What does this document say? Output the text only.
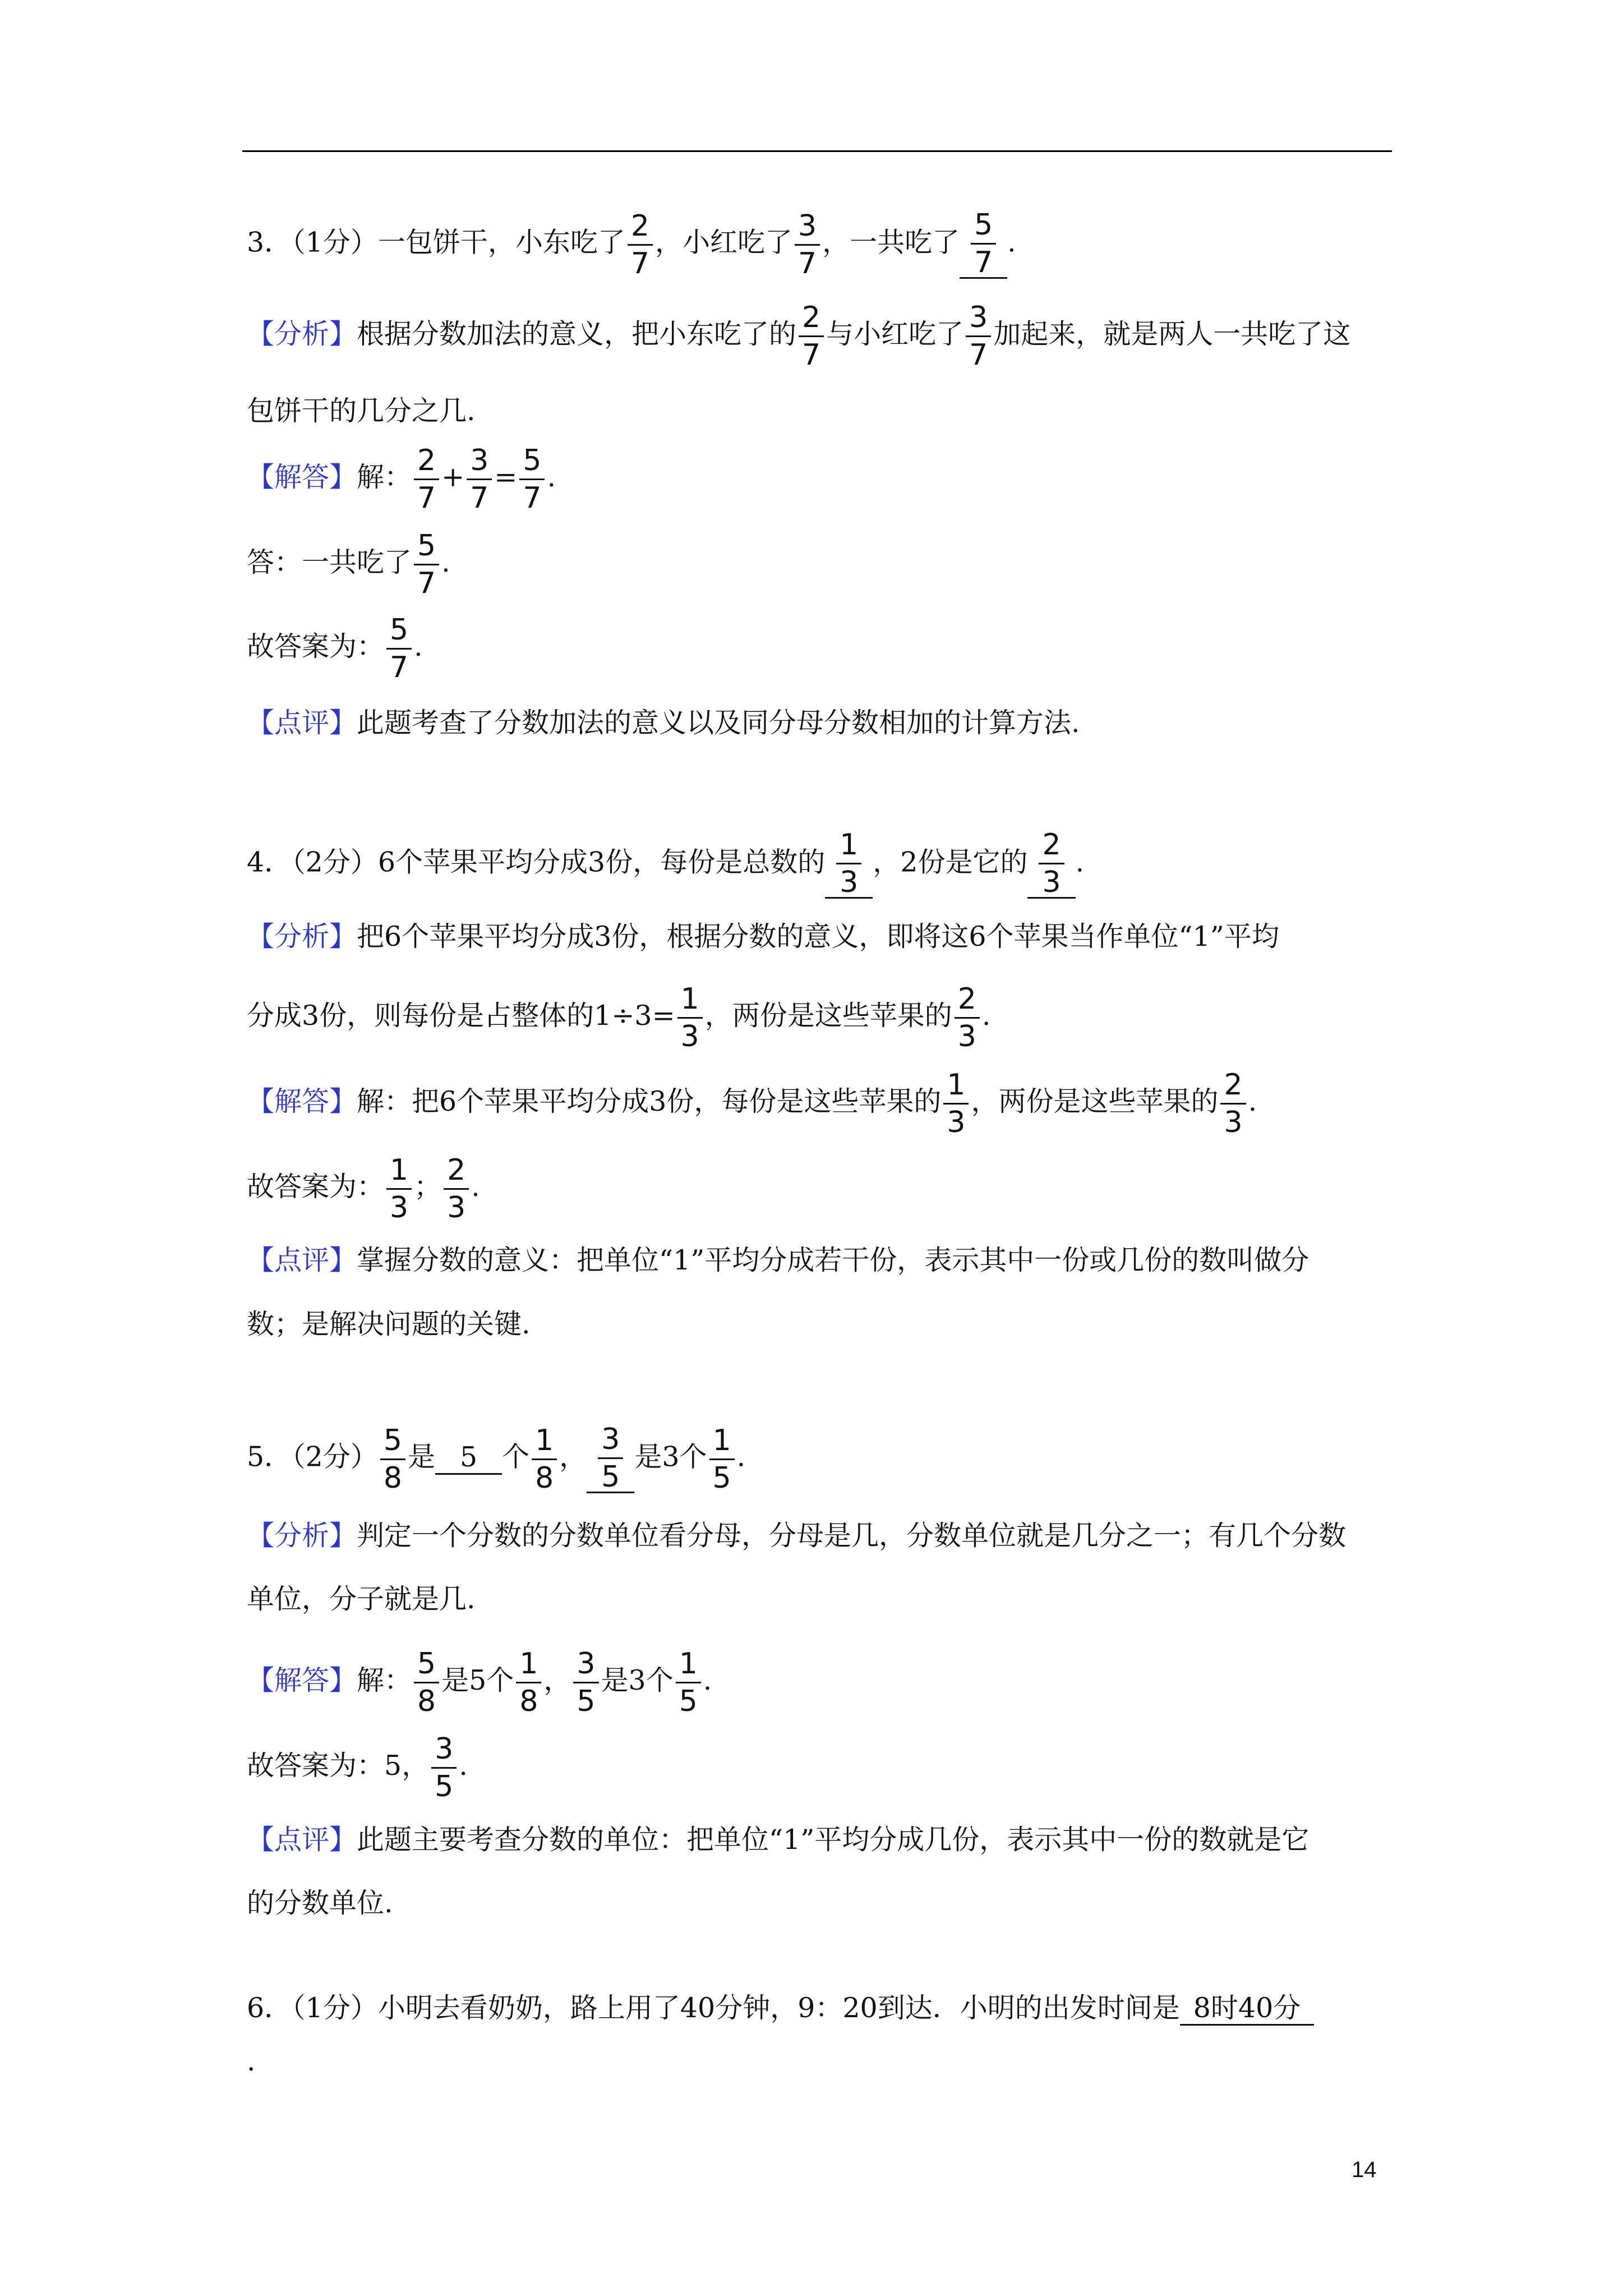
3．（1分）一包饼干，小东吃了 $\frac{2}{7}$ ，小红吃了 $\frac{3}{7}$ ，一共吃了 $\frac{5}{7}$ .
【分析】根据分数加法的意义，把小东吃了的 $\frac{2}{7}$ 与小红吃了 $\frac{3}{7}$ 加起来，就是两人一共吃了这
包饼干的几分之几.
【解答】解： $\frac{2}{7} + \frac{3}{7} = \frac{5}{7}$ .
答：一共吃了 $\frac{5}{7}$ .
故答案为： $\frac{5}{7}$ .
【点评】此题考查了分数加法的意义以及同分母分数相加的计算方法.
4．（2分）6个苹果平均分成3份，每份是总数的 $\frac{1}{3}$ ，2份是它的 $\frac{2}{3}$ .
【分析】把6个苹果平均分成3份，根据分数的意义，即将这6个苹果当作单位“1”平均
分成3份，则每份是占整体的$1\div 3= \frac{1}{3}$ ，两份是这些苹果的 $\frac{2}{3}$ .
【解答】解：把6个苹果平均分成3份，每份是这些苹果的 $\frac{1}{3}$ ，两份是这些苹果的 $\frac{2}{3}$ .
故答案为： $\frac{1}{3}$ ； $\frac{2}{3}$ .
【点评】掌握分数的意义：把单位“1”平均分成若干份，表示其中一份或几份的数叫做分
数；是解决问题的关键.
5．（2分） $\frac{5}{8}$ 是 5 个 $\frac{1}{8}$ ， $\frac{3}{5}$ 是3个 $\frac{1}{5}$ .
【分析】判定一个分数的分数单位看分母，分母是几，分数单位就是几分之一；有几个分数
单位，分子就是几.
【解答】解： $\frac{5}{8}$ 是5个 $\frac{1}{8}$ ， $\frac{3}{5}$ 是3个 $\frac{1}{5}$ .
故答案为：5， $\frac{3}{5}$ .
【点评】此题主要考查分数的单位：把单位“1”平均分成几份，表示其中一份的数就是它
的分数单位.
6．（1分）小明去看奶奶，路上用了40分钟，9：20到达．小明的出发时间是 8时40分
.
14
